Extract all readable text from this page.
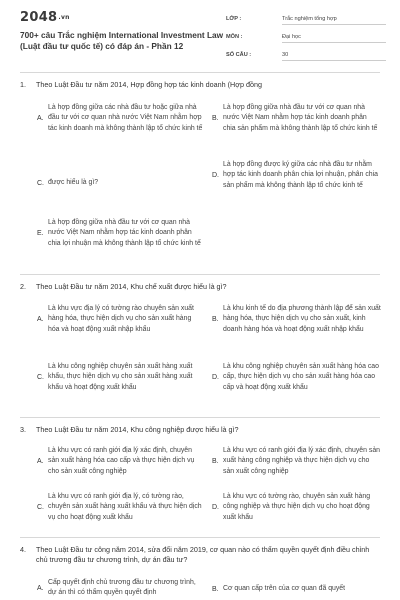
2048.vn
700+ câu Trắc nghiệm International Investment Law (Luật đầu tư quốc tế) có đáp án - Phần 12
LỚP :	Trắc nghiệm tổng hợp
MÔN :	Đại học
SỐ CÂU :	30
1.	Theo Luật Đầu tư năm 2014, Hợp đồng hợp tác kinh doanh (Hợp đồng
A.
Là hợp đồng giữa các nhà đầu tư hoặc giữa nhà đầu tư với cơ quan nhà nước Việt Nam nhằm hợp tác kinh doanh mà không thành lập tổ chức kinh tế
B.
Là hợp đồng giữa nhà đầu tư với cơ quan nhà nước Việt Nam nhằm hợp tác kinh doanh phân chia sản phẩm mà không thành lập tổ chức kinh tế
C. được hiểu là gì?
D.
Là hợp đồng được ký giữa các nhà đầu tư nhằm hợp tác kinh doanh phân chia lợi nhuận, phân chia sản phẩm mà không thành lập tổ chức kinh tế
E.
Là hợp đồng giữa nhà đầu tư với cơ quan nhà nước Việt Nam nhằm hợp tác kinh doanh phân chia lợi nhuận mà không thành lập tổ chức kinh tế
2.	Theo Luật Đầu tư năm 2014, Khu chế xuất được hiểu là gì?
A.
Là khu vực địa lý có tường rào chuyên sản xuất hàng hóa, thực hiện dịch vụ cho sản xuất hàng hóa và hoạt động xuất nhập khẩu
B.
Là khu kinh tế do địa phương thành lập để sản xuất hàng hóa, thực hiện dịch vụ cho sản xuất, kinh doanh hàng hóa và hoạt động xuất nhập khẩu
C.
Là khu công nghiệp chuyên sản xuất hàng xuất khẩu, thực hiện dịch vụ cho sản xuất hàng xuất khẩu và hoạt động xuất khẩu
D.
Là khu công nghiệp chuyên sản xuất hàng hóa cao cấp, thực hiện dịch vụ cho sản xuất hàng hóa cao cấp và hoạt động xuất khẩu
3.	Theo Luật Đầu tư năm 2014, Khu công nghiệp được hiểu là gì?
A.
Là khu vực có ranh giới địa lý xác định, chuyên sản xuất hàng hóa cao cấp và thực hiện dịch vụ cho sản xuất công nghiệp
B.
Là khu vực có ranh giới địa lý xác định, chuyên sản xuất hàng công nghiệp và thực hiện dịch vụ cho sản xuất công nghiệp
C.
Là khu vực có ranh giới địa lý, có tường rào, chuyên sản xuất hàng xuất khẩu và thực hiện dịch vụ cho hoạt động xuất khẩu
D.
Là khu vực có tường rào, chuyên sản xuất hàng công nghiệp và thực hiện dịch vụ cho hoạt động xuất khẩu
4.	Theo Luật Đầu tư công năm 2014, sửa đổi năm 2019, cơ quan nào có thẩm quyền quyết định điều chỉnh chủ trương đầu tư chương trình, dự án đầu tư?
A.
Cấp quyết định chủ trương đầu tư chương trình, dự án thì có thẩm quyền quyết định
B. Cơ quan cấp trên của cơ quan đã quyết
